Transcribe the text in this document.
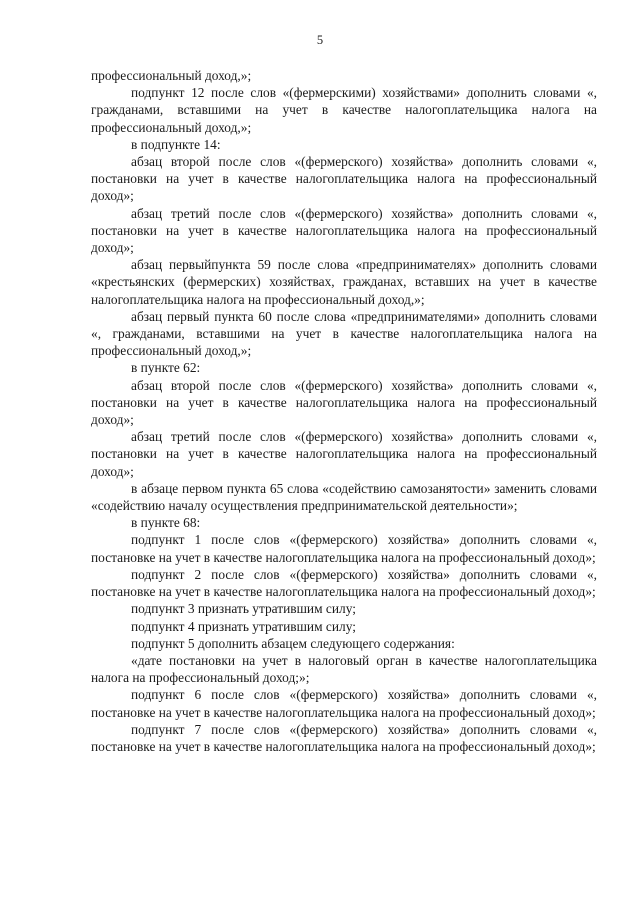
5

профессиональный доход,»;

подпункт 12 после слов «(фермерскими) хозяйствами» дополнить словами «, гражданами, вставшими на учет в качестве налогоплательщика налога на профессиональный доход,»;

в подпункте 14:

абзац второй после слов «(фермерского) хозяйства» дополнить словами «, постановки на учет в качестве налогоплательщика налога на профессиональный доход»;

абзац третий после слов «(фермерского) хозяйства» дополнить словами «, постановки на учет в качестве налогоплательщика налога на профессиональный доход»;

абзац первыйпункта 59 после слова «предпринимателях» дополнить словами «крестьянских (фермерских) хозяйствах, гражданах, вставших на учет в качестве налогоплательщика налога на профессиональный доход,»;

абзац первый пункта 60 после слова «предпринимателями» дополнить словами «, гражданами, вставшими на учет в качестве налогоплательщика налога на профессиональный доход,»;

в пункте 62:

абзац второй после слов «(фермерского) хозяйства» дополнить словами «, постановки на учет в качестве налогоплательщика налога на профессиональный доход»;

абзац третий после слов «(фермерского) хозяйства» дополнить словами «, постановки на учет в качестве налогоплательщика налога на профессиональный доход»;

в абзаце первом пункта 65 слова «содействию самозанятости» заменить словами «содействию началу осуществления предпринимательской деятельности»;

в пункте 68:

подпункт 1 после слов «(фермерского) хозяйства» дополнить словами «, постановке на учет в качестве налогоплательщика налога на профессиональный доход»;

подпункт 2 после слов «(фермерского) хозяйства» дополнить словами «, постановке на учет в качестве налогоплательщика налога на профессиональный доход»;

подпункт 3 признать утратившим силу;

подпункт 4 признать утратившим силу;

подпункт 5 дополнить абзацем следующего содержания:

«дате постановки на учет в налоговый орган в качестве налогоплательщика налога на профессиональный доход;»;

подпункт 6 после слов «(фермерского) хозяйства» дополнить словами «, постановке на учет в качестве налогоплательщика налога на профессиональный доход»;

подпункт 7 после слов «(фермерского) хозяйства» дополнить словами «, постановке на учет в качестве налогоплательщика налога на профессиональный доход»;
